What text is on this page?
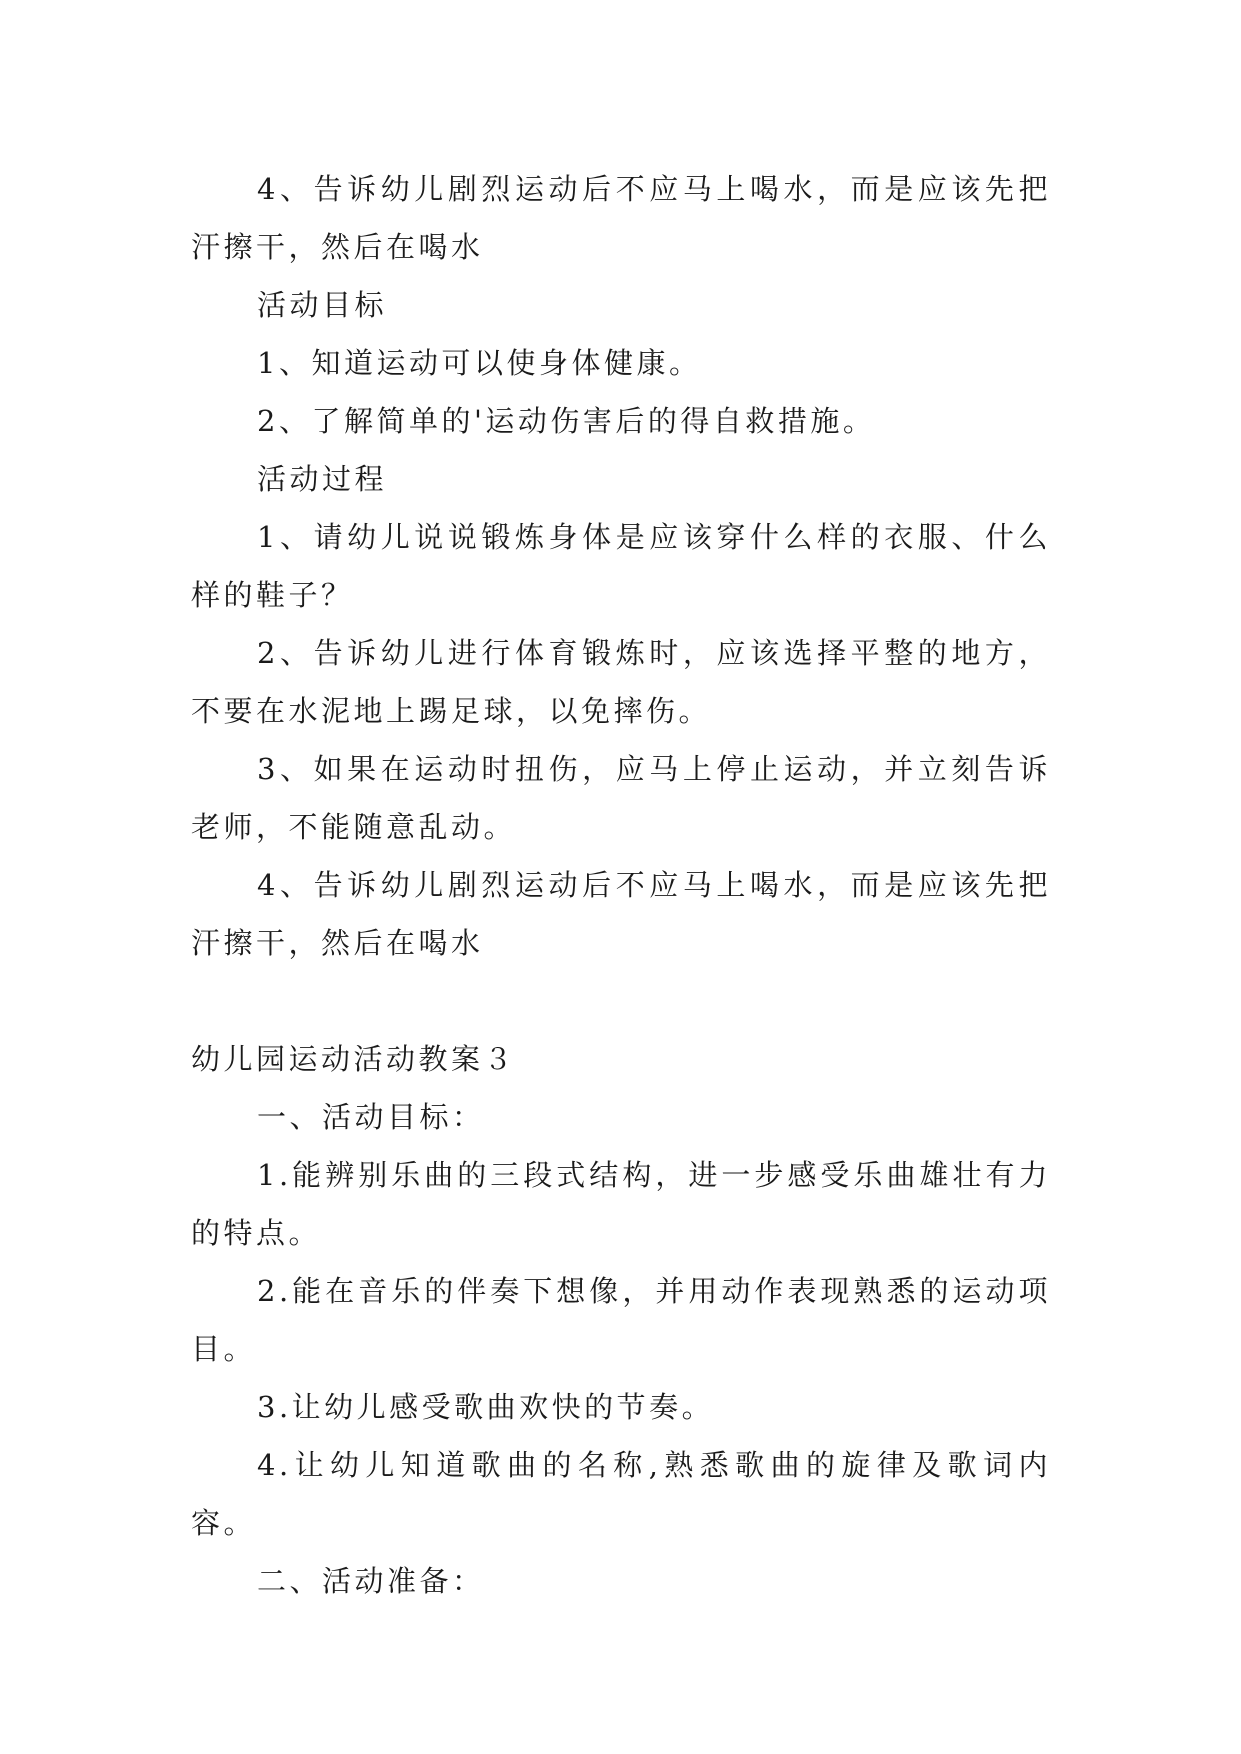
4、告诉幼儿剧烈运动后不应马上喝水，而是应该先把汗擦干，然后在喝水

活动目标

1、知道运动可以使身体健康。

2、了解简单的'运动伤害后的得自救措施。

活动过程

1、请幼儿说说锻炼身体是应该穿什么样的衣服、什么样的鞋子？

2、告诉幼儿进行体育锻炼时，应该选择平整的地方，不要在水泥地上踢足球，以免摔伤。

3、如果在运动时扭伤，应马上停止运动，并立刻告诉老师，不能随意乱动。

4、告诉幼儿剧烈运动后不应马上喝水，而是应该先把汗擦干，然后在喝水

幼儿园运动活动教案３

一、活动目标：

1.能辨别乐曲的三段式结构，进一步感受乐曲雄壮有力的特点。

2.能在音乐的伴奏下想像，并用动作表现熟悉的运动项目。

3.让幼儿感受歌曲欢快的节奏。

4.让幼儿知道歌曲的名称,熟悉歌曲的旋律及歌词内容。

二、活动准备：
